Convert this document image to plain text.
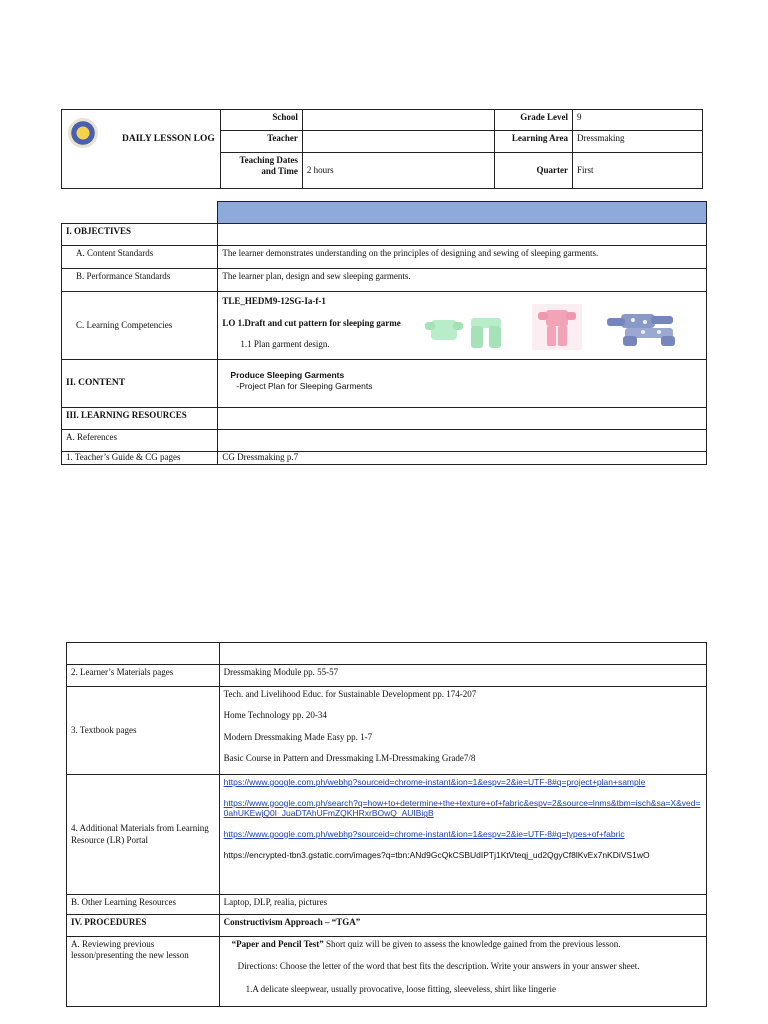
DAILY LESSON LOG	School		Grade Level	9
	Teacher		Learning Area	Dressmaking
	Teaching Dates and Time	2 hours	Quarter	First

I. OBJECTIVES	
A. Content Standards	The learner demonstrates understanding on the principles of designing and sewing of sleeping garments.
B. Performance Standards	The learner plan, design and sew sleeping garments.
C. Learning Competencies	TLE_HEDM9-12SG-Ia-f-1
LO 1.Draft and cut pattern for sleeping garme
1.1 Plan garment design.

II. CONTENT	Produce Sleeping Garments
-Project Plan for Sleeping Garments

III. LEARNING RESOURCES	
A. References	
1. Teacher’s Guide & CG pages	CG Dressmaking p.7

2. Learner’s Materials pages	Dressmaking Module pp. 55-57
3. Textbook pages	Tech. and Livelihood Educ. for Sustainable Development pp. 174-207
Home Technology pp. 20-34
Modern Dressmaking Made Easy pp. 1-7
Basic Course in Pattern and Dressmaking LM-Dressmaking Grade7/8

4. Additional Materials from Learning Resource (LR) Portal	https://www.google.com.ph/webhp?sourceid=chrome-instant&ion=1&espv=2&ie=UTF-8#q=project+plan+sample
https://www.google.com.ph/search?q=how+to+determine+the+texture+of+fabric&espv=2&source=lnms&tbm=isch&sa=X&ved=0ahUKEwjQ0I_JuaDTAhUFmZQKHRxrBOwQ_AUIBigB
https://www.google.com.ph/webhp?sourceid=chrome-instant&ion=1&espv=2&ie=UTF-8#q=types+of+fabric
https://encrypted-tbn3.gstatic.com/images?q=tbn:ANd9GcQkCSBUdIPTj1KtVteqj_ud2QgyCf8lKvEx7nKDiVS1wO

B. Other Learning Resources	Laptop, DLP, realia, pictures
IV. PROCEDURES	Constructivism Approach – “TGA”
A. Reviewing previous lesson/presenting the new lesson	“Paper and Pencil Test” Short quiz will be given to assess the knowledge gained from the previous lesson.
Directions: Choose the letter of the word that best fits the description. Write your answers in your answer sheet.
1.A delicate sleepwear, usually provocative, loose fitting, sleeveless, shirt like lingerie
